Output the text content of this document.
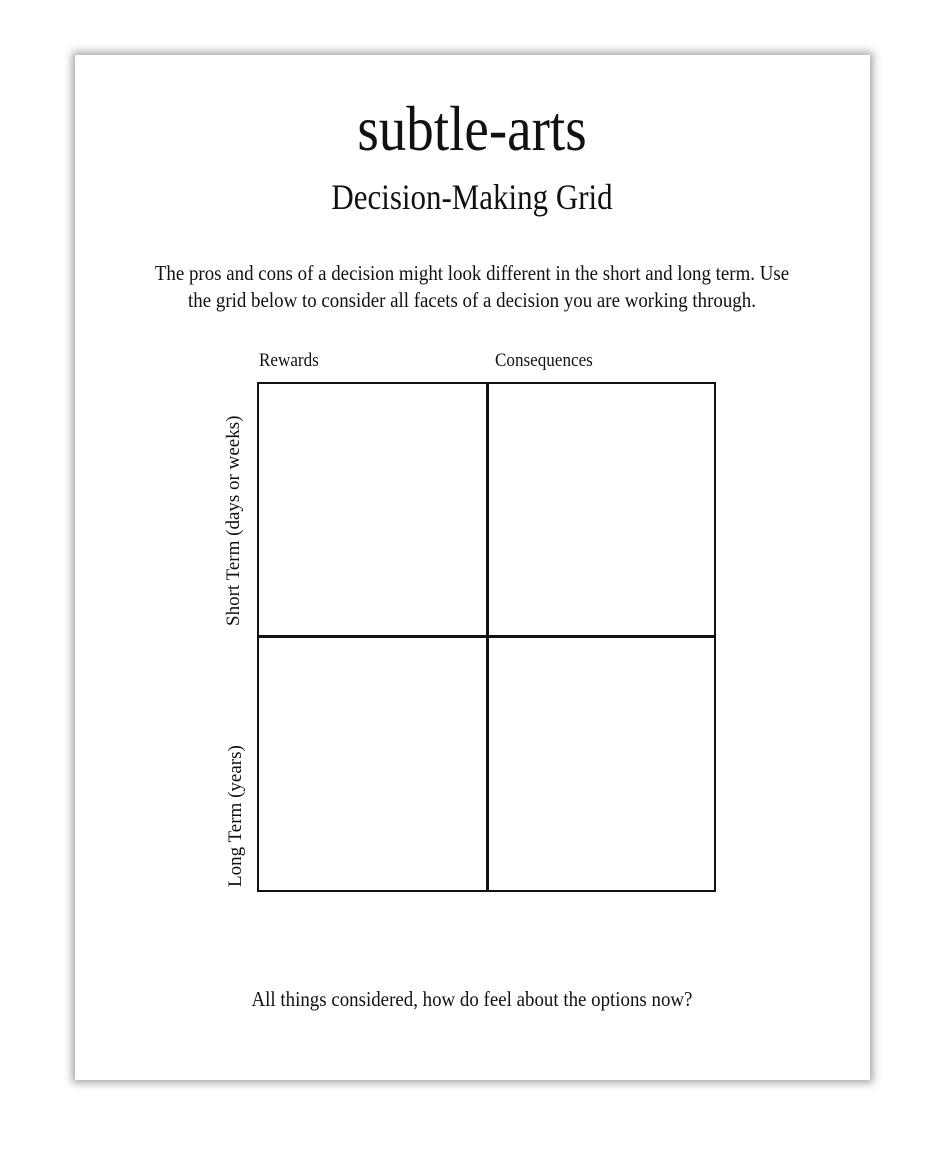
subtle-arts
Decision-Making Grid
The pros and cons of a decision might look different in the short and long term. Use the grid below to consider all facets of a decision you are working through.
Rewards	Consequences
Short Term (days or weeks)
Long Term (years)
All things considered, how do feel about the options now?
